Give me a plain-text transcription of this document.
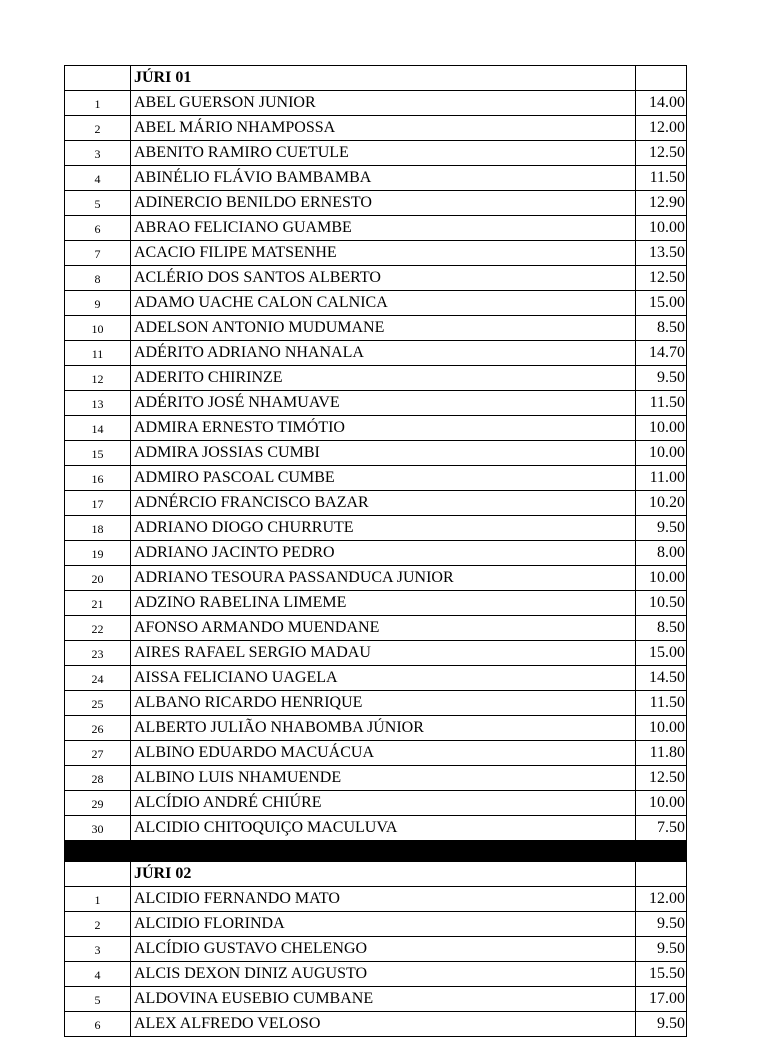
	JÚRI 01	
1	ABEL GUERSON JUNIOR	14.00
2	ABEL MÁRIO NHAMPOSSA	12.00
3	ABENITO RAMIRO CUETULE	12.50
4	ABINÉLIO FLÁVIO BAMBAMBA	11.50
5	ADINERCIO BENILDO ERNESTO	12.90
6	ABRAO FELICIANO GUAMBE	10.00
7	ACACIO FILIPE MATSENHE	13.50
8	ACLÉRIO DOS SANTOS ALBERTO	12.50
9	ADAMO UACHE CALON CALNICA	15.00
10	ADELSON ANTONIO MUDUMANE	8.50
11	ADÉRITO ADRIANO NHANALA	14.70
12	ADERITO CHIRINZE	9.50
13	ADÉRITO JOSÉ NHAMUAVE	11.50
14	ADMIRA ERNESTO TIMÓTIO	10.00
15	ADMIRA JOSSIAS CUMBI	10.00
16	ADMIRO PASCOAL CUMBE	11.00
17	ADNÉRCIO FRANCISCO BAZAR	10.20
18	ADRIANO DIOGO CHURRUTE	9.50
19	ADRIANO JACINTO PEDRO	8.00
20	ADRIANO TESOURA PASSANDUCA JUNIOR	10.00
21	ADZINO RABELINA LIMEME	10.50
22	AFONSO ARMANDO MUENDANE	8.50
23	AIRES RAFAEL SERGIO MADAU	15.00
24	AISSA FELICIANO UAGELA	14.50
25	ALBANO RICARDO HENRIQUE	11.50
26	ALBERTO JULIÃO NHABOMBA JÚNIOR	10.00
27	ALBINO EDUARDO MACUÁCUA	11.80
28	ALBINO LUIS NHAMUENDE	12.50
29	ALCÍDIO ANDRÉ CHIÚRE	10.00
30	ALCIDIO CHITOQUIÇO MACULUVA	7.50

	JÚRI 02	
1	ALCIDIO FERNANDO MATO	12.00
2	ALCIDIO FLORINDA	9.50
3	ALCÍDIO GUSTAVO CHELENGO	9.50
4	ALCIS DEXON DINIZ AUGUSTO	15.50
5	ALDOVINA EUSEBIO CUMBANE	17.00
6	ALEX ALFREDO VELOSO	9.50
